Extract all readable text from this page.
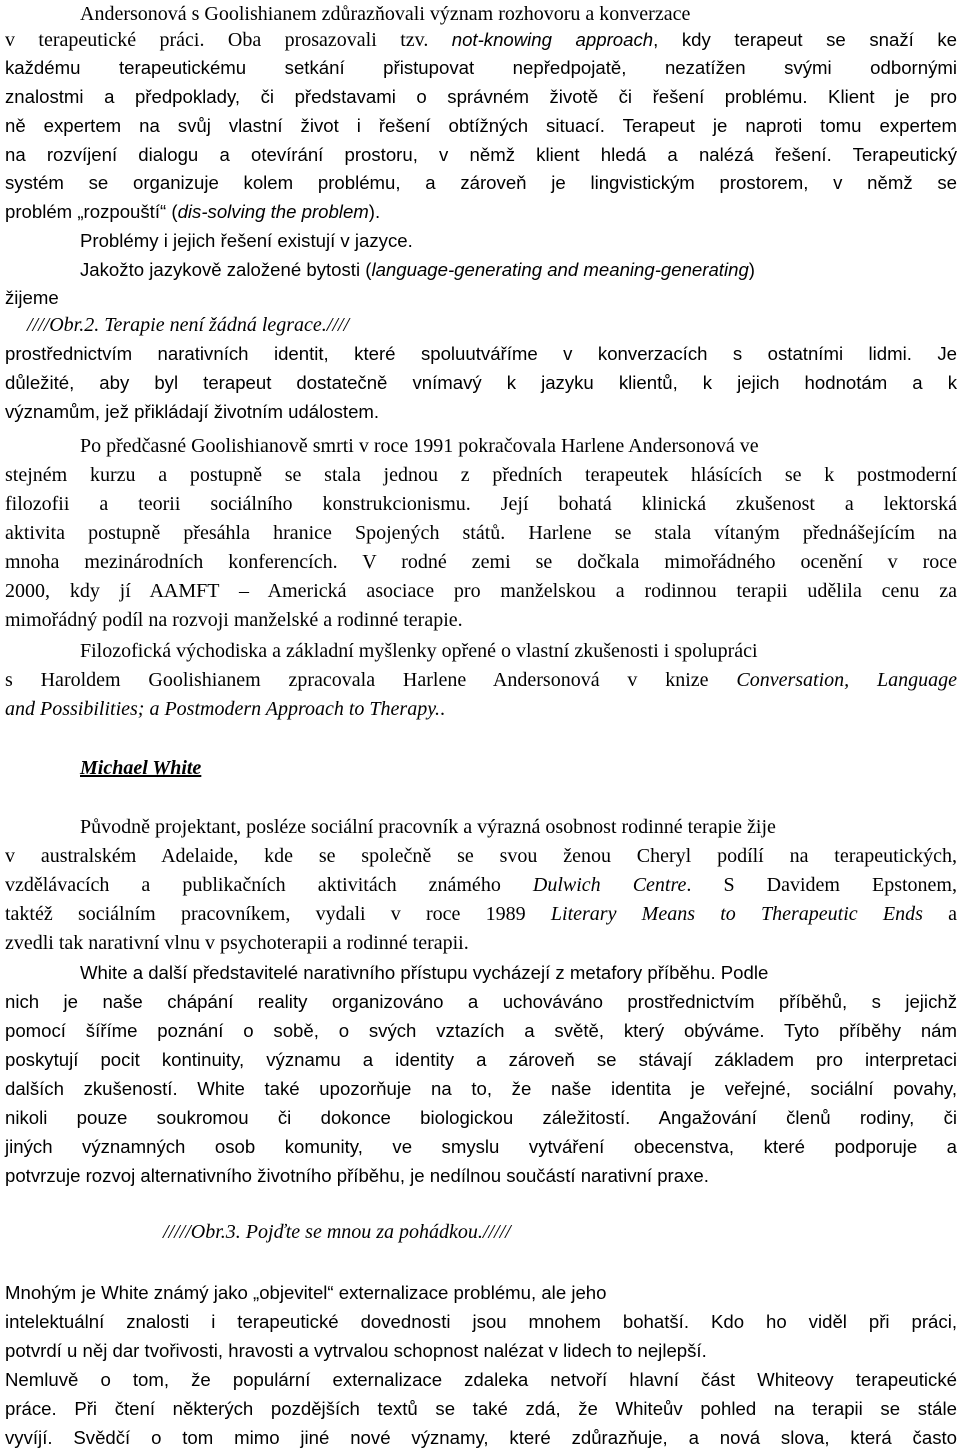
Andersonová s Goolishianem zdůrazňovali význam rozhovoru a konverzace
v terapeutické práci. Oba prosazovali tzv. not-knowing approach, kdy terapeut se snaží ke
každému terapeutickému setkání přistupovat nepředpojatě, nezatížen svými odbornými
znalostmi a předpoklady, či představami o správném životě či řešení problému. Klient je pro
ně expertem na svůj vlastní život i řešení obtížných situací. Terapeut je naproti tomu expertem
na rozvíjení dialogu a otevírání prostoru, v němž klient hledá a nalézá řešení. Terapeutický
systém se organizuje kolem problému, a zároveň je lingvistickým prostorem, v němž se
problém „rozpouští“ (dis-solving the problem).
Problémy i jejich řešení existují v jazyce.
Jakožto jazykově založené bytosti (language-generating and meaning-generating)
žijeme
////Obr.2. Terapie není žádná legrace.////
prostřednictvím narativních identit, které spoluutváříme v konverzacích s ostatními lidmi. Je
důležité, aby byl terapeut dostatečně vnímavý k jazyku klientů, k jejich hodnotám a k
významům, jež přikládají životním událostem.
Po předčasné Goolishianově smrti v roce 1991 pokračovala Harlene Andersonová ve
stejném kurzu a postupně se stala jednou z předních terapeutek hlásících se k postmoderní
filozofii a teorii sociálního konstrukcionismu. Její bohatá klinická zkušenost a lektorská
aktivita postupně přesáhla hranice Spojených států. Harlene se stala vítaným přednášejícím na
mnoha mezinárodních konferencích. V rodné zemi se dočkala mimořádného ocenění v roce
2000, kdy jí AAMFT – Americká asociace pro manželskou a rodinnou terapii udělila cenu za
mimořádný podíl na rozvoji manželské a rodinné terapie.
Filozofická východiska a základní myšlenky opřené o vlastní zkušenosti i spolupráci
s Haroldem Goolishianem zpracovala Harlene Andersonová v knize Conversation, Language
and Possibilities; a Postmodern Approach to Therapy..
Michael White
Původně projektant, posléze sociální pracovník a výrazná osobnost rodinné terapie žije
v australském Adelaide, kde se společně se svou ženou Cheryl podílí na terapeutických,
vzdělávacích a publikačních aktivitách známého Dulwich Centre. S Davidem Epstonem,
taktéž sociálním pracovníkem, vydali v roce 1989 Literary Means to Therapeutic Ends a
zvedli tak narativní vlnu v psychoterapii a rodinné terapii.
White a další představitelé narativního přístupu vycházejí z metafory příběhu. Podle
nich je naše chápání reality organizováno a uchováváno prostřednictvím příběhů, s jejichž
pomocí šíříme poznání o sobě, o svých vztazích a světě, který obýváme. Tyto příběhy nám
poskytují pocit kontinuity, významu a identity a zároveň se stávají základem pro interpretaci
dalších zkušeností. White také upozorňuje na to, že naše identita je veřejné, sociální povahy,
nikoli pouze soukromou či dokonce biologickou záležitostí. Angažování členů rodiny, či
jiných významných osob komunity, ve smyslu vytváření obecenstva, které podporuje a
potvrzuje rozvoj alternativního životního příběhu, je nedílnou součástí narativní praxe.
/////Obr.3. Pojďte se mnou za pohádkou./////
Mnohým je White známý jako „objevitel“ externalizace problému, ale jeho
intelektuální znalosti i terapeutické dovednosti jsou mnohem bohatší. Kdo ho viděl při práci,
potvrdí u něj dar tvořivosti, hravosti a vytrvalou schopnost nalézat v lidech to nejlepší.
Nemluvě o tom, že populární externalizace zdaleka netvoří hlavní část Whiteovy terapeutické
práce. Při čtení některých pozdějších textů se také zdá, že Whiteův pohled na terapii se stále
vyvíjí. Svědčí o tom mimo jiné nové významy, které zdůrazňuje, a nová slova, která často
